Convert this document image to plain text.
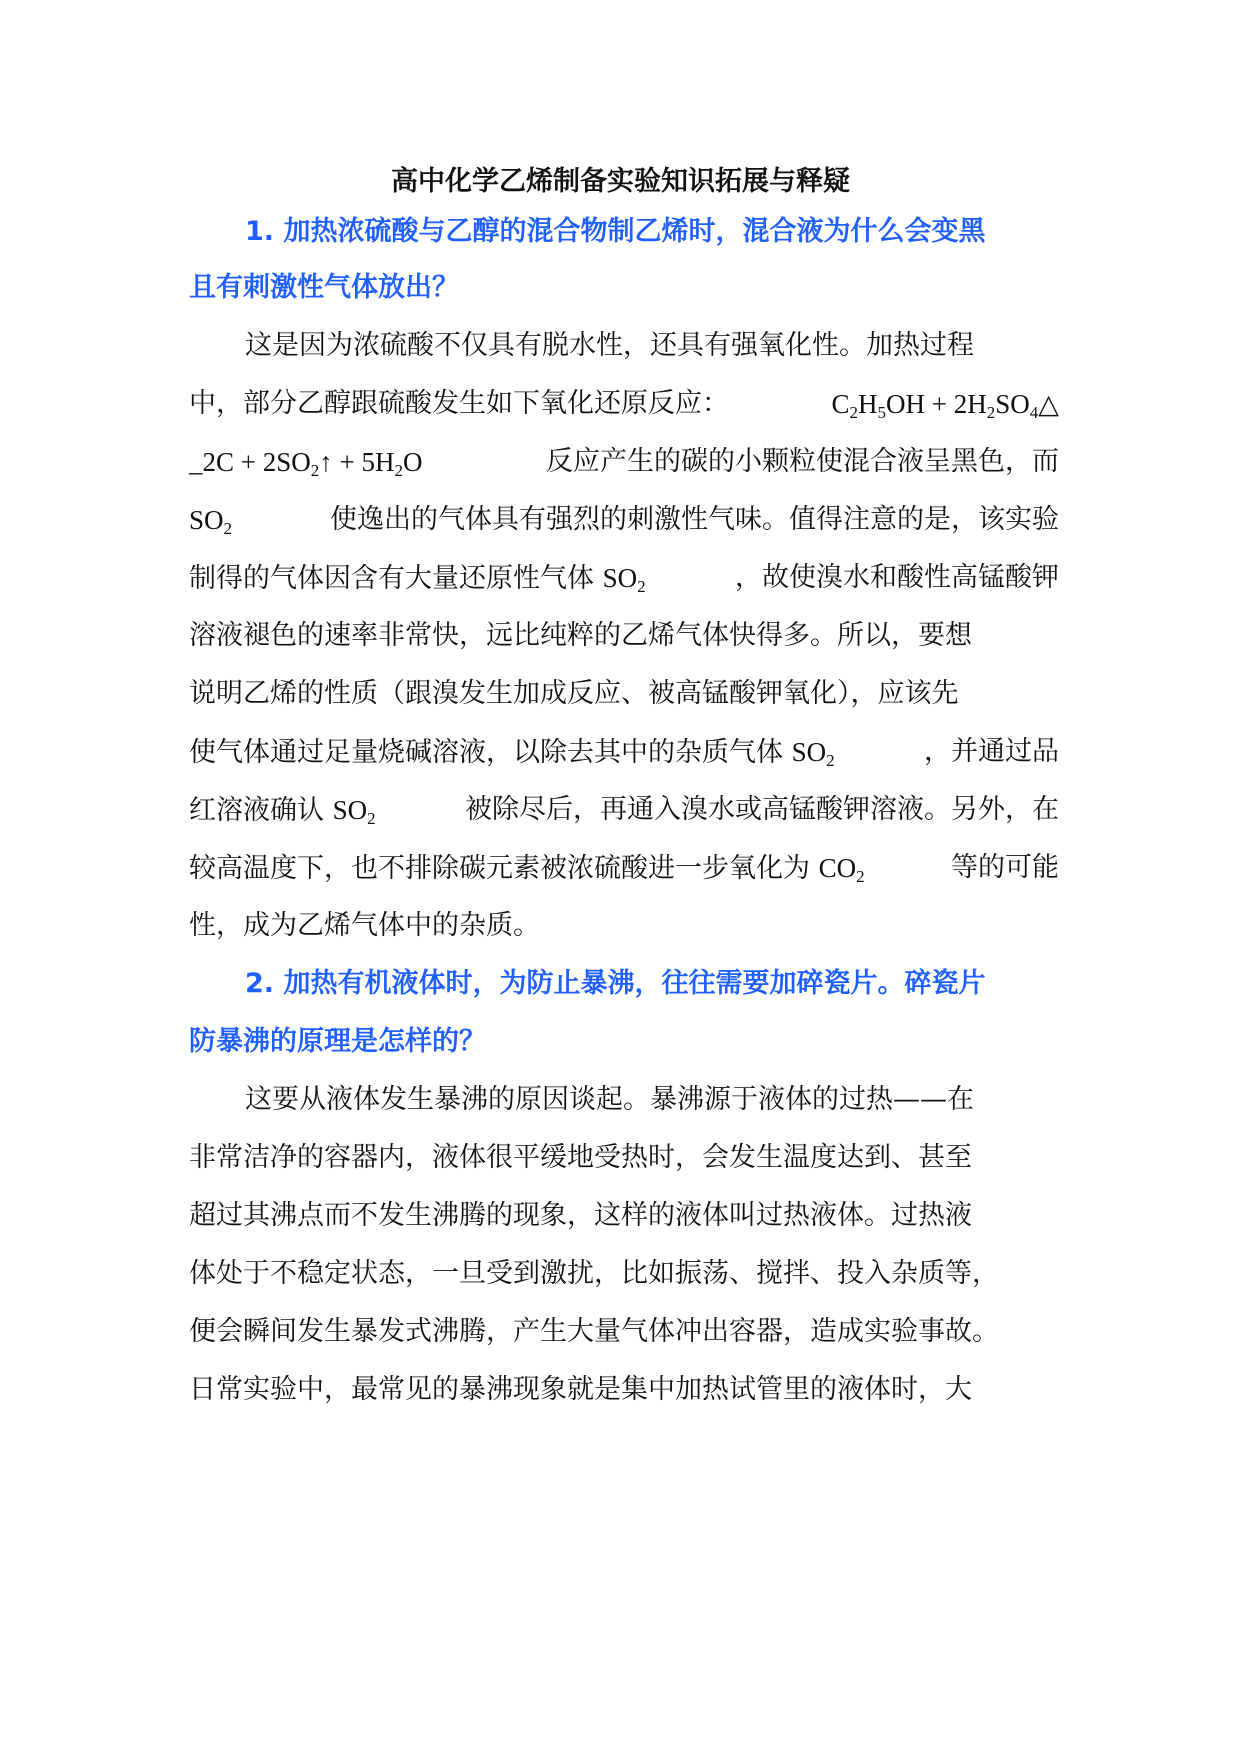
高中化学乙烯制备实验知识拓展与释疑
1. 加热浓硫酸与乙醇的混合物制乙烯时，混合液为什么会变黑
且有刺激性气体放出？
这是因为浓硫酸不仅具有脱水性，还具有强氧化性。加热过程
中，部分乙醇跟硫酸发生如下氧化还原反应：	$C_2H_5OH$ + $2H_2SO_4\triangle$
_2C + $2SO_2↑ + 5H_2O$	反应产生的碳的小颗粒使混合液呈黑色，而
$SO_2$	使逸出的气体具有强烈的刺激性气味。值得注意的是，该实验
制得的气体因含有大量还原性气体 $SO_2$	，故使溴水和酸性高锰酸钾
溶液褪色的速率非常快，远比纯粹的乙烯气体快得多。所以，要想
说明乙烯的性质（跟溴发生加成反应、被高锰酸钾氧化），应该先
使气体通过足量烧碱溶液，以除去其中的杂质气体 $SO_2$	，并通过品
红溶液确认 $SO_2$	被除尽后，再通入溴水或高锰酸钾溶液。另外，在
较高温度下，也不排除碳元素被浓硫酸进一步氧化为 $CO_2$	等的可能
性，成为乙烯气体中的杂质。
2. 加热有机液体时，为防止暴沸，往往需要加碎瓷片。碎瓷片
防暴沸的原理是怎样的？
这要从液体发生暴沸的原因谈起。暴沸源于液体的过热——在
非常洁净的容器内，液体很平缓地受热时，会发生温度达到、甚至
超过其沸点而不发生沸腾的现象，这样的液体叫过热液体。过热液
体处于不稳定状态，一旦受到激扰，比如振荡、搅拌、投入杂质等，
便会瞬间发生暴发式沸腾，产生大量气体冲出容器，造成实验事故。
日常实验中，最常见的暴沸现象就是集中加热试管里的液体时，大
